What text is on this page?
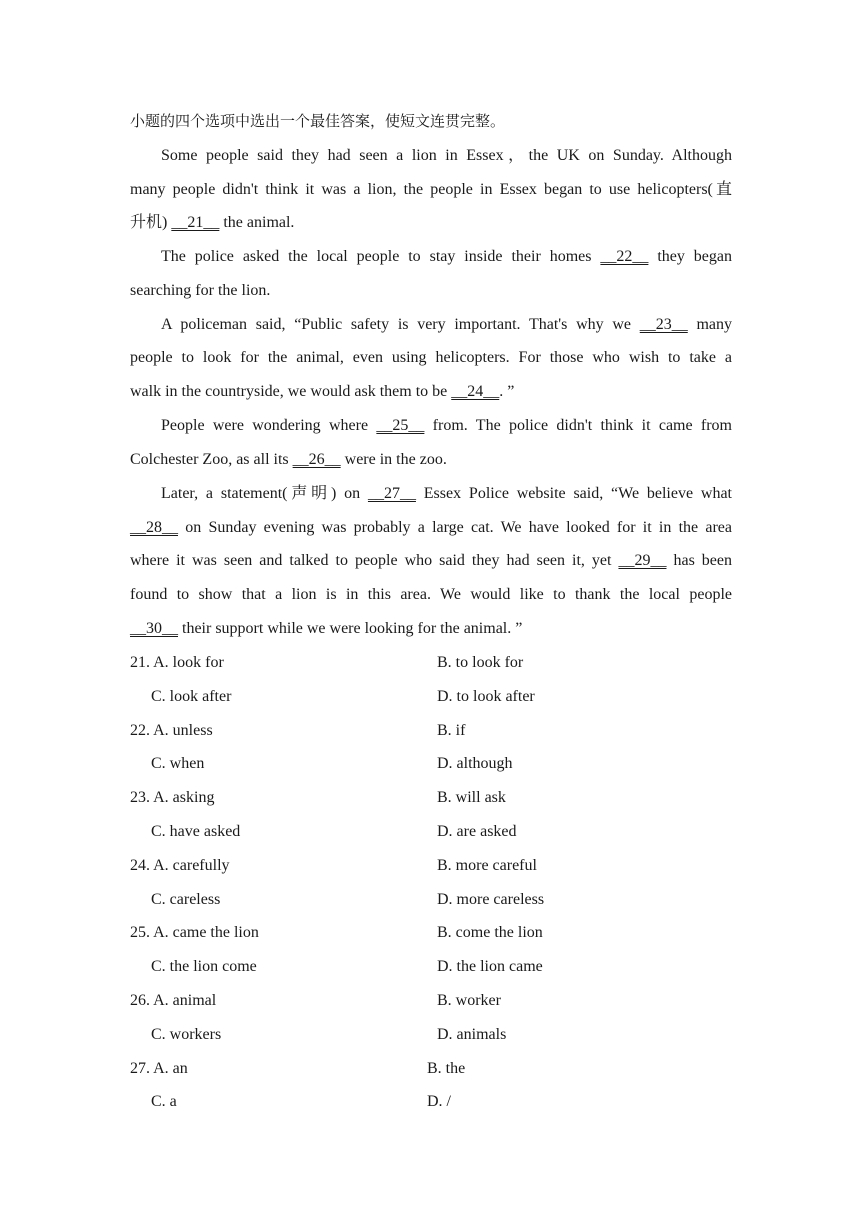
小题的四个选项中选出一个最佳答案，使短文连贯完整。
Some people said they had seen a lion in Essex，the UK on Sunday. Although
many people didn't think it was a lion, the people in Essex began to use helicopters(直
升机) __21__ the animal.
The police asked the local people to stay inside their homes __22__ they began
searching for the lion.
A policeman said, “Public safety is very important. That's why we __23__ many
people to look for the animal, even using helicopters. For those who wish to take a
walk in the countryside, we would ask them to be __24__. ”
People were wondering where __25__ from. The police didn't think it came from
Colchester Zoo, as all its __26__ were in the zoo.
Later, a statement(声明) on __27__ Essex Police website said, “We believe what
__28__ on Sunday evening was probably a large cat. We have looked for it in the area
where it was seen and talked to people who said they had seen it, yet __29__ has been
found to show that a lion is in this area. We would like to thank the local people
__30__ their support while we were looking for the animal. ”
21. A. look for	B. to look for
C. look after	D. to look after
22. A. unless	B. if
C. when	D. although
23. A. asking	B. will ask
C. have asked	D. are asked
24. A. carefully	B. more careful
C. careless	D. more careless
25. A. came the lion	B. come the lion
C. the lion come	D. the lion came
26. A. animal	B. worker
C. workers	D. animals
27. A. an	B. the
C. a	D. /
